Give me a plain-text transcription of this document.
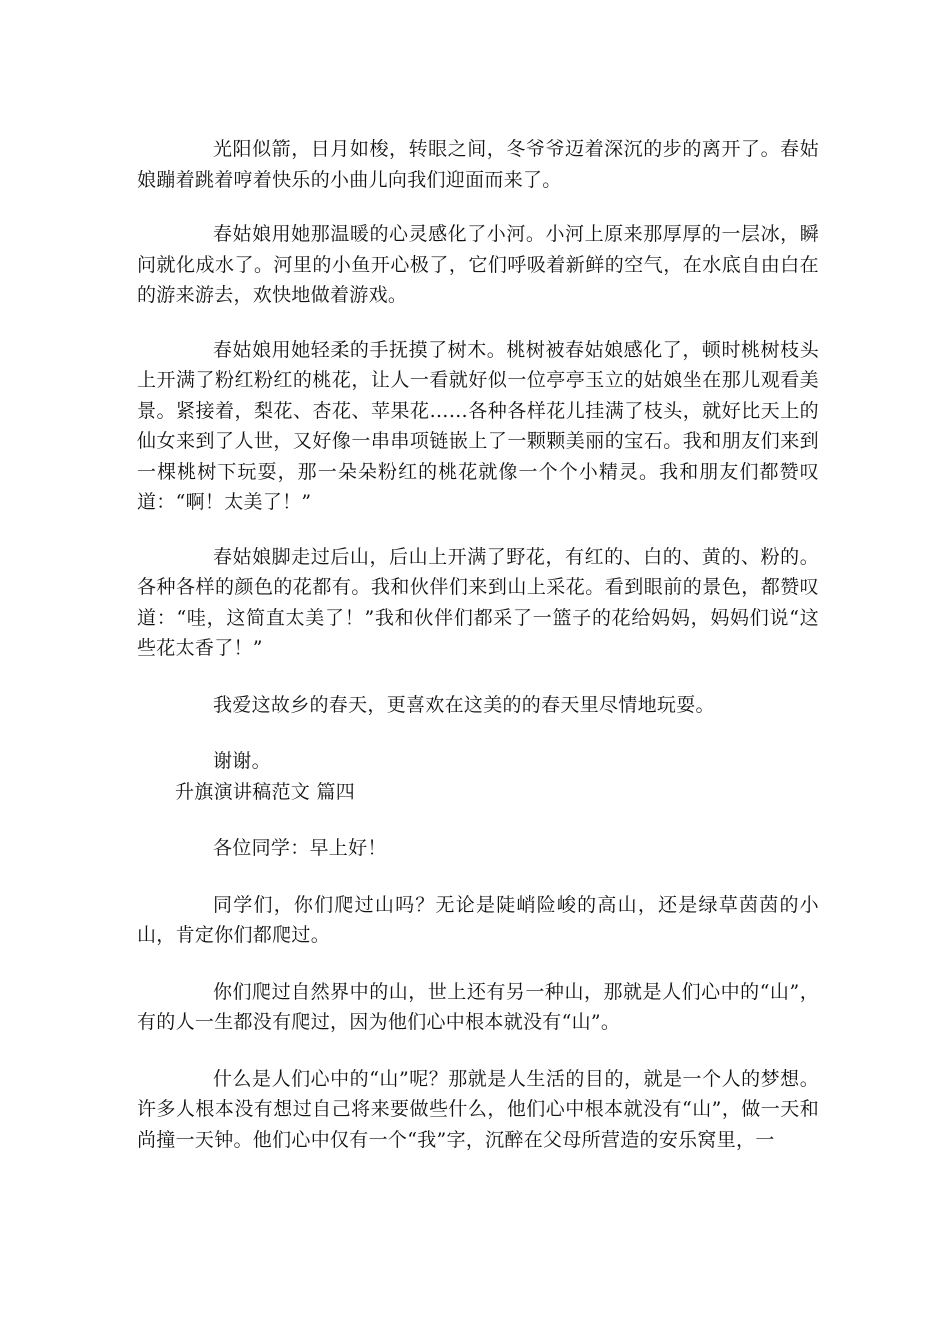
光阳似箭，日月如梭，转眼之间，冬爷爷迈着深沉的步的离开了。春姑娘蹦着跳着哼着快乐的小曲儿向我们迎面而来了。

春姑娘用她那温暖的心灵感化了小河。小河上原来那厚厚的一层冰，瞬问就化成水了。河里的小鱼开心极了，它们呼吸着新鲜的空气，在水底自由白在的游来游去，欢快地做着游戏。

春姑娘用她轻柔的手抚摸了树木。桃树被春姑娘感化了，顿时桃树枝头上开满了粉红粉红的桃花，让人一看就好似一位亭亭玉立的姑娘坐在那儿观看美景。紧接着，梨花、杏花、苹果花……各种各样花儿挂满了枝头，就好比天上的仙女来到了人世，又好像一串串项链嵌上了一颗颗美丽的宝石。我和朋友们来到一棵桃树下玩耍，那一朵朵粉红的桃花就像一个个小精灵。我和朋友们都赞叹道：“啊！太美了！”

春姑娘脚走过后山，后山上开满了野花，有红的、白的、黄的、粉的。各种各样的颜色的花都有。我和伙伴们来到山上采花。看到眼前的景色，都赞叹道：“哇，这简直太美了！”我和伙伴们都采了一篮子的花给妈妈，妈妈们说“这些花太香了！”

我爱这故乡的春天，更喜欢在这美的的春天里尽情地玩耍。

谢谢。

升旗演讲稿范文 篇四

各位同学：早上好！

同学们，你们爬过山吗？无论是陡峭险峻的高山，还是绿草茵茵的小山，肯定你们都爬过。

你们爬过自然界中的山，世上还有另一种山，那就是人们心中的“山”，有的人一生都没有爬过，因为他们心中根本就没有“山”。

什么是人们心中的“山”呢？那就是人生活的目的，就是一个人的梦想。许多人根本没有想过自己将来要做些什么，他们心中根本就没有“山”，做一天和尚撞一天钟。他们心中仅有一个“我”字，沉醉在父母所营造的安乐窝里，一
